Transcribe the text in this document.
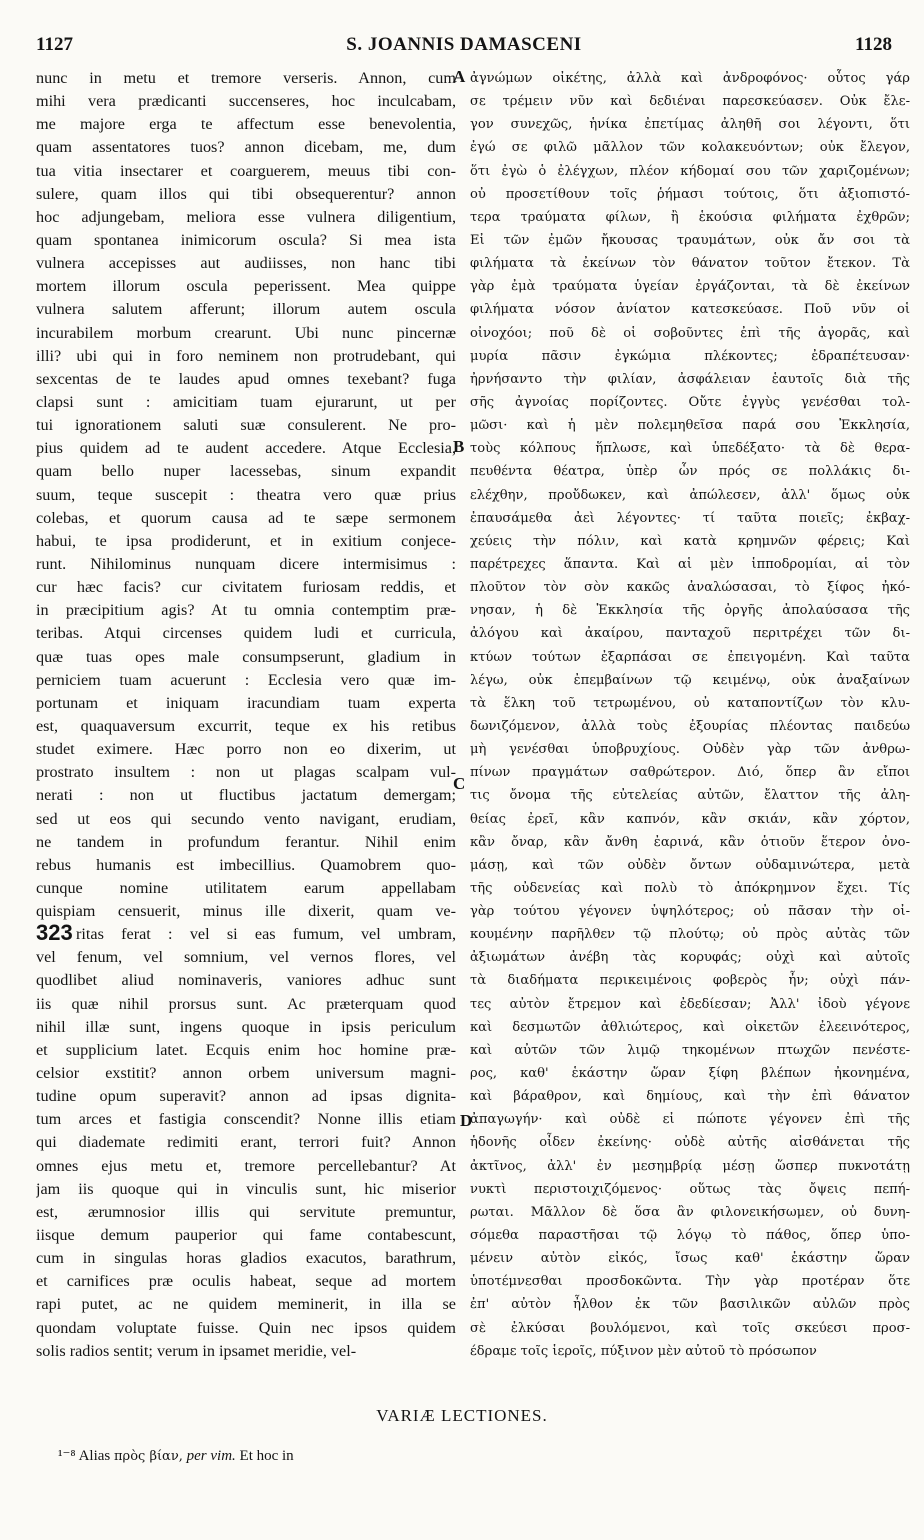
1127	S. JOANNIS DAMASCENI	1128
nunc in metu et tremore verseris. Annon, cum
mihi vera prædicanti succenseres, hoc inculcabam,
me majore erga te affectum esse benevolentia,
quam assentatores tuos? annon dicebam, me, dum
tua vitia insectarer et coarguerem, meuus tibi con-
sulere, quam illos qui tibi obsequerentur? annon
hoc adjungebam, meliora esse vulnera diligentium,
quam spontanea inimicorum oscula? Si mea ista
vulnera accepisses aut audiisses, non hanc tibi
mortem illorum oscula peperissent. Mea quippe
vulnera salutem afferunt; illorum autem oscula
incurabilem morbum crearunt. Ubi nunc pincernæ
illi? ubi qui in foro neminem non protrudebant, qui
sexcentas de te laudes apud omnes texebant? fuga
clapsi sunt : amicitiam tuam ejurarunt, ut per
tui ignorationem saluti suæ consulerent. Ne pro-
pius quidem ad te audent accedere. Atque Ecclesia,
quam bello nuper lacessebas, sinum expandit
suum, teque suscepit : theatra vero quæ prius
colebas, et quorum causa ad te sæpe sermonem
habui, te ipsa prodiderunt, et in exitium conjece-
runt. Nihilominus nunquam dicere intermisimus :
cur hæc facis? cur civitatem furiosam reddis, et
in præcipitium agis? At tu omnia contemptim præ-
teribas. Atqui circenses quidem ludi et curricula,
quæ tuas opes male consumpserunt, gladium in
perniciem tuam acuerunt : Ecclesia vero quæ im-
portunam et iniquam iracundiam tuam experta
est, quaquaversum excurrit, teque ex his retibus
studet eximere. Hæc porro non eo dixerim, ut
prostrato insultem : non ut plagas scalpam vul-
nerati : non ut fluctibus jactatum demergam;
sed ut eos qui secundo vento navigant, erudiam,
ne tandem in profundum ferantur. Nihil enim
rebus humanis est imbecillius. Quamobrem quo-
cunque nomine utilitatem earum appellabam
quispiam censuerit, minus ille dixerit, quam ve-
ritas ferat : vel si eas fumum, vel umbram,
vel fenum, vel somnium, vel vernos flores, vel
quodlibet aliud nominaveris, vaniores adhuc sunt
iis quæ nihil prorsus sunt. Ac præterquam quod
nihil illæ sunt, ingens quoque in ipsis periculum
et supplicium latet. Ecquis enim hoc homine præ-
celsior exstitit? annon orbem universum magni-
tudine opum superavit? annon ad ipsas dignita-
tum arces et fastigia conscendit? Nonne illis etiam
qui diademate redimiti erant, terrori fuit? Annon
omnes ejus metu et, tremore percellebantur? At
jam iis quoque qui in vinculis sunt, hic miserior
est, ærumnosior illis qui servitute premuntur,
iisque demum pauperior qui fame contabescunt,
cum in singulas horas gladios exacutos, barathrum,
et carnifices præ oculis habeat, seque ad mortem
rapi putet, ac ne quidem meminerit, in illa se
quondam voluptate fuisse. Quin nec ipsos quidem
solis radios sentit; verum in ipsamet meridie, vel-
ἀγνώμων οἰκέτης, ἀλλὰ καὶ ἀνδροφόνος· οὗτος γάρ
σε τρέμειν νῦν καὶ δεδιέναι παρεσκεύασεν. Οὐκ ἔλε-
γον συνεχῶς, ἡνίκα ἐπετίμας ἀληθῆ σοι λέγοντι, ὅτι
ἐγώ σε φιλῶ μᾶλλον τῶν κολακευόντων; οὐκ ἔλεγον,
ὅτι ἐγὼ ὁ ἐλέγχων, πλέον κήδομαί σου τῶν χαριζομένων;
οὐ προσετίθουν τοῖς ῥήμασι τούτοις, ὅτι ἀξιοπιστό-
τερα τραύματα φίλων, ἢ ἑκούσια φιλήματα ἐχθρῶν;
Εἰ τῶν ἐμῶν ἤκουσας τραυμάτων, οὐκ ἄν σοι τὰ
φιλήματα τὰ ἐκείνων τὸν θάνατον τοῦτον ἔτεκον. Τὰ
γὰρ ἐμὰ τραύματα ὑγείαν ἐργάζονται, τὰ δὲ ἐκείνων
φιλήματα νόσον ἀνίατον κατεσκεύασε. Ποῦ νῦν οἱ
οἰνοχόοι; ποῦ δὲ οἱ σοβοῦντες ἐπὶ τῆς ἀγορᾶς, καὶ
μυρία πᾶσιν ἐγκώμια πλέκοντες; ἐδραπέτευσαν·
ἠρνήσαντο τὴν φιλίαν, ἀσφάλειαν ἑαυτοῖς διὰ τῆς
σῆς ἀγνοίας πορίζοντες. Οὔτε ἐγγὺς γενέσθαι τολ-
μῶσι· καὶ ἡ μὲν πολεμηθεῖσα παρά σου Ἐκκλησία,
τοὺς κόλπους ἥπλωσε, καὶ ὑπεδέξατο· τὰ δὲ θερα-
πευθέντα θέατρα, ὑπὲρ ὧν πρός σε πολλάκις δι-
ελέχθην, προὔδωκεν, καὶ ἀπώλεσεν, ἀλλ' ὅμως οὐκ
ἐπαυσάμεθα ἀεὶ λέγοντες· τί ταῦτα ποιεῖς; ἐκβαχ-
χεύεις τὴν πόλιν, καὶ κατὰ κρημνῶν φέρεις; Καὶ
παρέτρεχες ἅπαντα. Καὶ αἱ μὲν ἱπποδρομίαι, αἱ τὸν
πλοῦτον τὸν σὸν κακῶς ἀναλώσασαι, τὸ ξίφος ἠκό-
νησαν, ἡ δὲ Ἐκκλησία τῆς ὀργῆς ἀπολαύσασα τῆς
ἀλόγου καὶ ἀκαίρου, πανταχοῦ περιτρέχει τῶν δι-
κτύων τούτων ἐξαρπάσαι σε ἐπειγομένη. Καὶ ταῦτα
λέγω, οὐκ ἐπεμβαίνων τῷ κειμένῳ, οὐκ ἀναξαίνων
τὰ ἕλκη τοῦ τετρωμένου, οὐ καταποντίζων τὸν κλυ-
δωνιζόμενον, ἀλλὰ τοὺς ἐξουρίας πλέοντας παιδεύω
μὴ γενέσθαι ὑποβρυχίους. Οὐδὲν γὰρ τῶν ἀνθρω-
πίνων πραγμάτων σαθρώτερον. Διό, ὅπερ ἂν εἴποι
τις ὄνομα τῆς εὐτελείας αὐτῶν, ἔλαττον τῆς ἀλη-
θείας ἐρεῖ, κἂν καπνόν, κἂν σκιάν, κἂν χόρτον,
κἂν ὄναρ, κἂν ἄνθη ἐαρινά, κἂν ὁτιοῦν ἕτερον ὀνο-
μάσῃ, καὶ τῶν οὐδὲν ὄντων οὐδαμινώτερα, μετὰ
τῆς οὐδενείας καὶ πολὺ τὸ ἀπόκρημνον ἔχει. Τίς
γὰρ τούτου γέγονεν ὑψηλότερος; οὐ πᾶσαν τὴν οἰ-
κουμένην παρῆλθεν τῷ πλούτῳ; οὐ πρὸς αὐτὰς τῶν
ἀξιωμάτων ἀνέβη τὰς κορυφάς; οὐχὶ καὶ αὐτοῖς
τὰ διαδήματα περικειμένοις φοβερὸς ἦν; οὐχὶ πάν-
τες αὐτὸν ἔτρεμον καὶ ἐδεδίεσαν; Ἀλλ' ἰδοὺ γέγονε
καὶ δεσμωτῶν ἀθλιώτερος, καὶ οἰκετῶν ἐλεεινότερος,
καὶ αὐτῶν τῶν λιμῷ τηκομένων πτωχῶν πενέστε-
ρος, καθ' ἑκάστην ὥραν ξίφη βλέπων ἠκονημένα,
καὶ βάραθρον, καὶ δημίους, καὶ τὴν ἐπὶ θάνατον
ἀπαγωγήν· καὶ οὐδὲ εἰ πώποτε γέγονεν ἐπὶ τῆς
ἡδονῆς οἶδεν ἐκείνης· οὐδὲ αὐτῆς αἰσθάνεται τῆς
ἀκτῖνος, ἀλλ' ἐν μεσημβρίᾳ μέσῃ ὥσπερ πυκνοτάτῃ
νυκτὶ περιστοιχιζόμενος· οὕτως τὰς ὄψεις πεπή-
ρωται. Μᾶλλον δὲ ὅσα ἂν φιλονεικήσωμεν, οὐ δυνη-
σόμεθα παραστῆσαι τῷ λόγῳ τὸ πάθος, ὅπερ ὑπο-
μένειν αὐτὸν εἰκός, ἴσως καθ' ἑκάστην ὥραν
ὑποτέμνεσθαι προσδοκῶντα. Τὴν γὰρ προτέραν ὅτε
ἐπ' αὐτὸν ἦλθον ἐκ τῶν βασιλικῶν αὐλῶν πρὸς
σὲ ἐλκύσαι βουλόμενοι, καὶ τοῖς σκεύεσι προσ-
έδραμε τοῖς ἱεροῖς, πύξινον μὲν αὐτοῦ τὸ πρόσωπον
A
B
C
D
323
VARIÆ LECTIONES.
¹⁻⁸ Alias πρὸς βίαν, per vim. Et hoc in
